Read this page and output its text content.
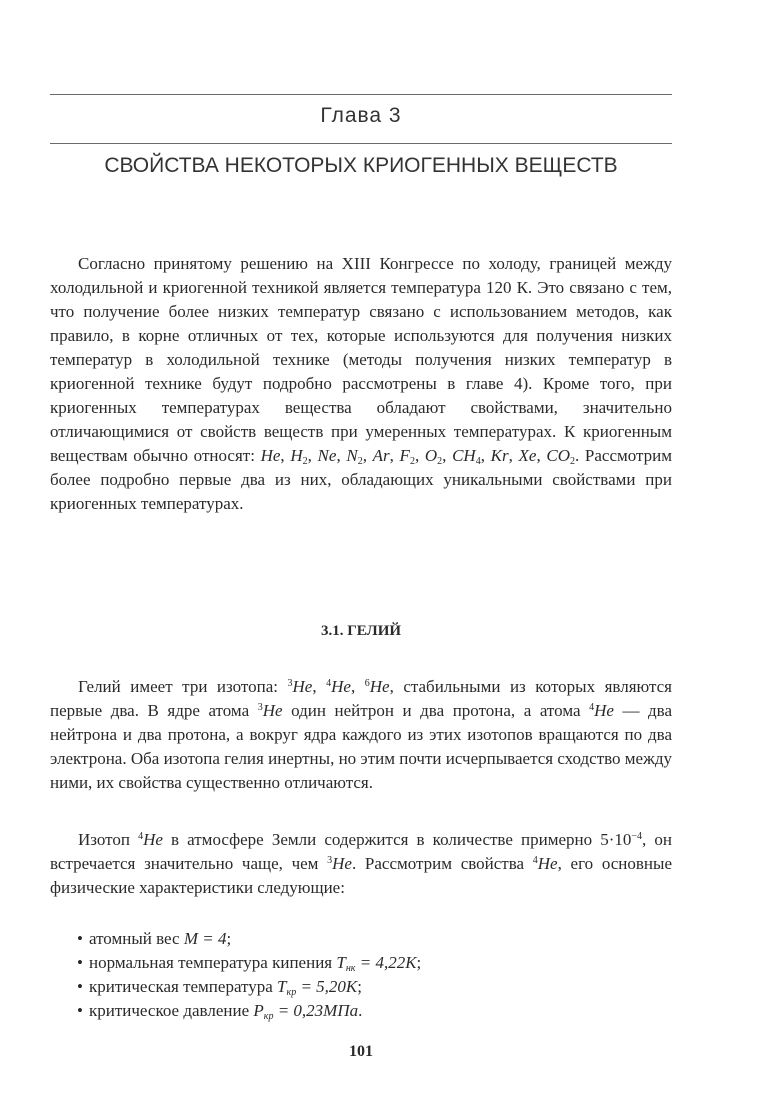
Глава 3
СВОЙСТВА НЕКОТОРЫХ КРИОГЕННЫХ ВЕЩЕСТВ

Согласно принятому решению на XIII Конгрессе по холоду, границей между холодильной и криогенной техникой является температура 120 К. Это связано с тем, что получение более низких температур связано с использованием методов, как правило, в корне отличных от тех, которые используются для получения низких температур в холодильной технике (методы получения низких температур в криогенной технике будут подробно рассмотрены в главе 4). Кроме того, при криогенных температурах вещества обладают свойствами, значительно отличающимися от свойств веществ при умеренных температурах. К криогенным веществам обычно относят: He, $H_2$, Ne, $N_2$, Ar, $F_2$, $O_2$, $CH_4$, Kr, Xe, $CO_2$. Рассмотрим более подробно первые два из них, обладающих уникальными свойствами при криогенных температурах.

3.1. ГЕЛИЙ

Гелий имеет три изотопа: $^3$He, $^4$He, $^6$He, стабильными из которых являются первые два. В ядре атома $^3$He один нейтрон и два протона, а атома $^4$He — два нейтрона и два протона, а вокруг ядра каждого из этих изотопов вращаются по два электрона. Оба изотопа гелия инертны, но этим почти исчерпывается сходство между ними, их свойства существенно отличаются.

Изотоп $^4$He в атмосфере Земли содержится в количестве примерно $5\cdot 10^{-4}$, он встречается значительно чаще, чем $^3$He. Рассмотрим свойства $^4$He, его основные физические характеристики следующие:

• атомный вес M = 4;
• нормальная температура кипения $T_{нк} = 4,22K$;
• критическая температура $T_{кр} = 5,20K$;
• критическое давление $P_{кр} = 0,23МПа$.
101
